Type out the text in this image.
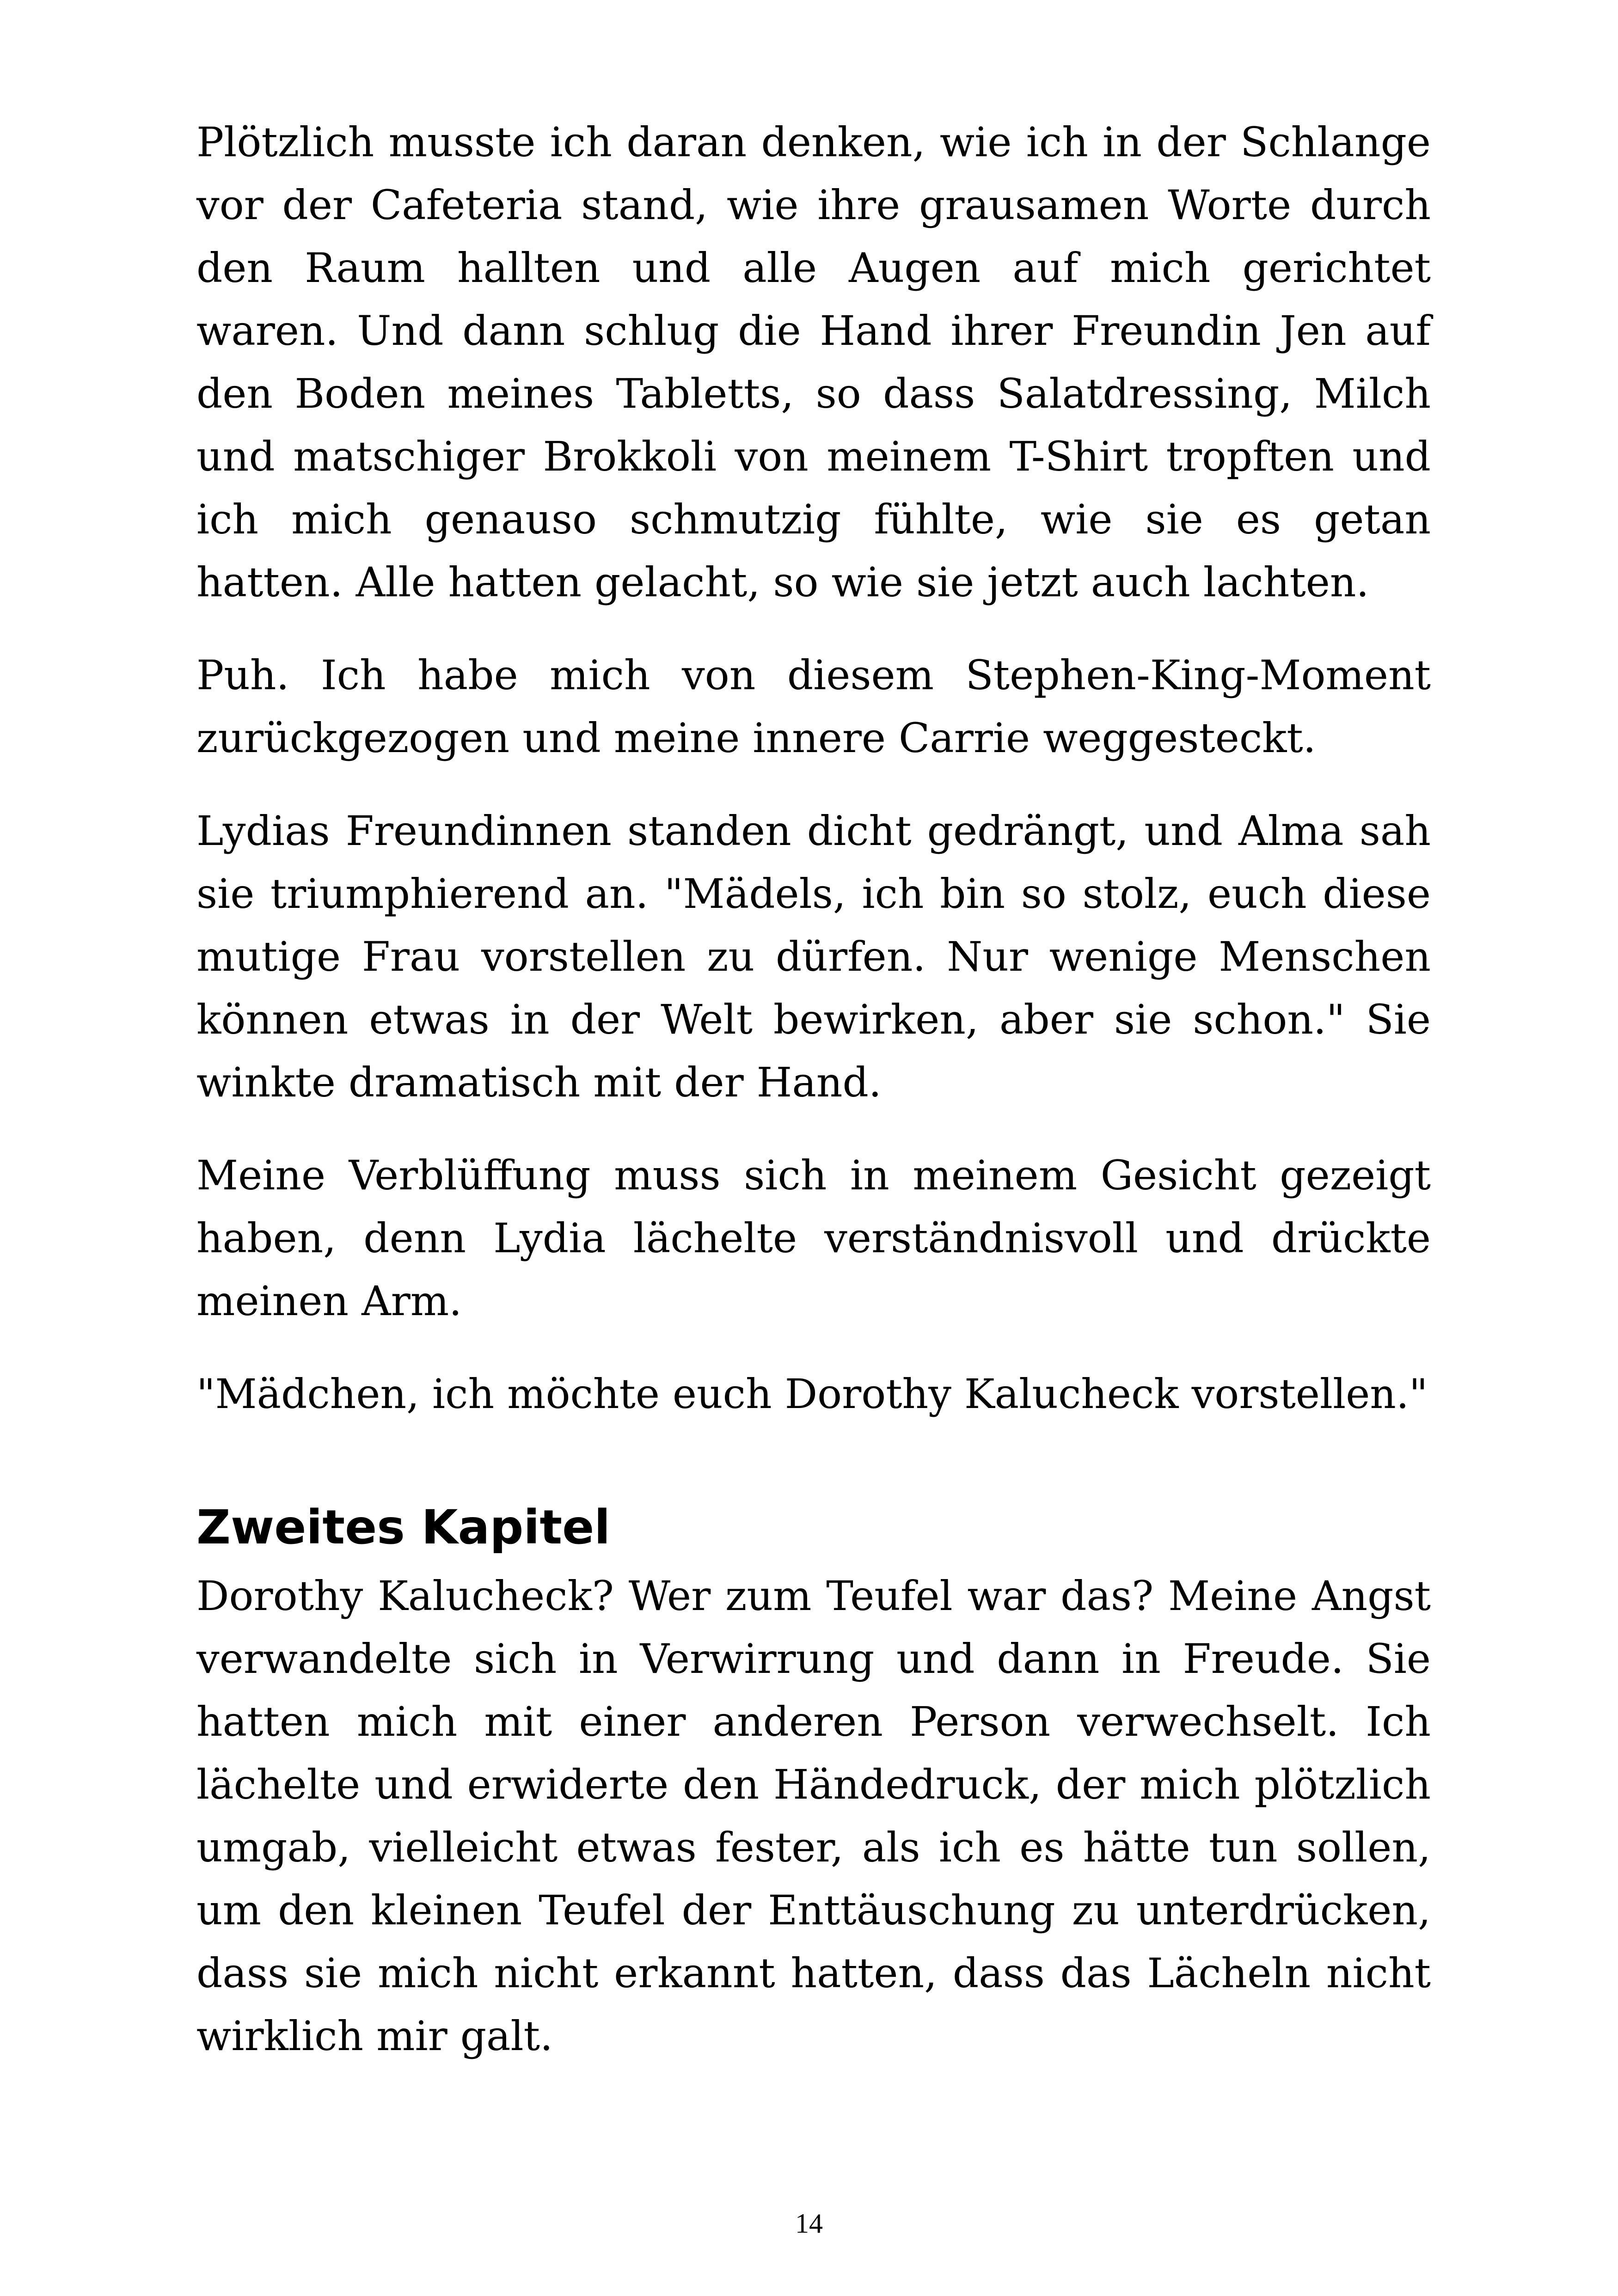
Plötzlich musste ich daran denken, wie ich in der Schlange vor der Cafeteria stand, wie ihre grausamen Worte durch den Raum hallten und alle Augen auf mich gerichtet waren. Und dann schlug die Hand ihrer Freundin Jen auf den Boden meines Tabletts, so dass Salatdressing, Milch und matschiger Brokkoli von meinem T-Shirt tropften und ich mich genauso schmutzig fühlte, wie sie es getan hatten. Alle hatten gelacht, so wie sie jetzt auch lachten.

Puh. Ich habe mich von diesem Stephen-King-Moment zurückgezogen und meine innere Carrie weggesteckt.

Lydias Freundinnen standen dicht gedrängt, und Alma sah sie triumphierend an. "Mädels, ich bin so stolz, euch diese mutige Frau vorstellen zu dürfen. Nur wenige Menschen können etwas in der Welt bewirken, aber sie schon." Sie winkte dramatisch mit der Hand.

Meine Verblüffung muss sich in meinem Gesicht gezeigt haben, denn Lydia lächelte verständnisvoll und drückte meinen Arm.

"Mädchen, ich möchte euch Dorothy Kalucheck vorstellen."

Zweites Kapitel

Dorothy Kalucheck? Wer zum Teufel war das? Meine Angst verwandelte sich in Verwirrung und dann in Freude. Sie hatten mich mit einer anderen Person verwechselt. Ich lächelte und erwiderte den Händedruck, der mich plötzlich umgab, vielleicht etwas fester, als ich es hätte tun sollen, um den kleinen Teufel der Enttäuschung zu unterdrücken, dass sie mich nicht erkannt hatten, dass das Lächeln nicht wirklich mir galt.

14
